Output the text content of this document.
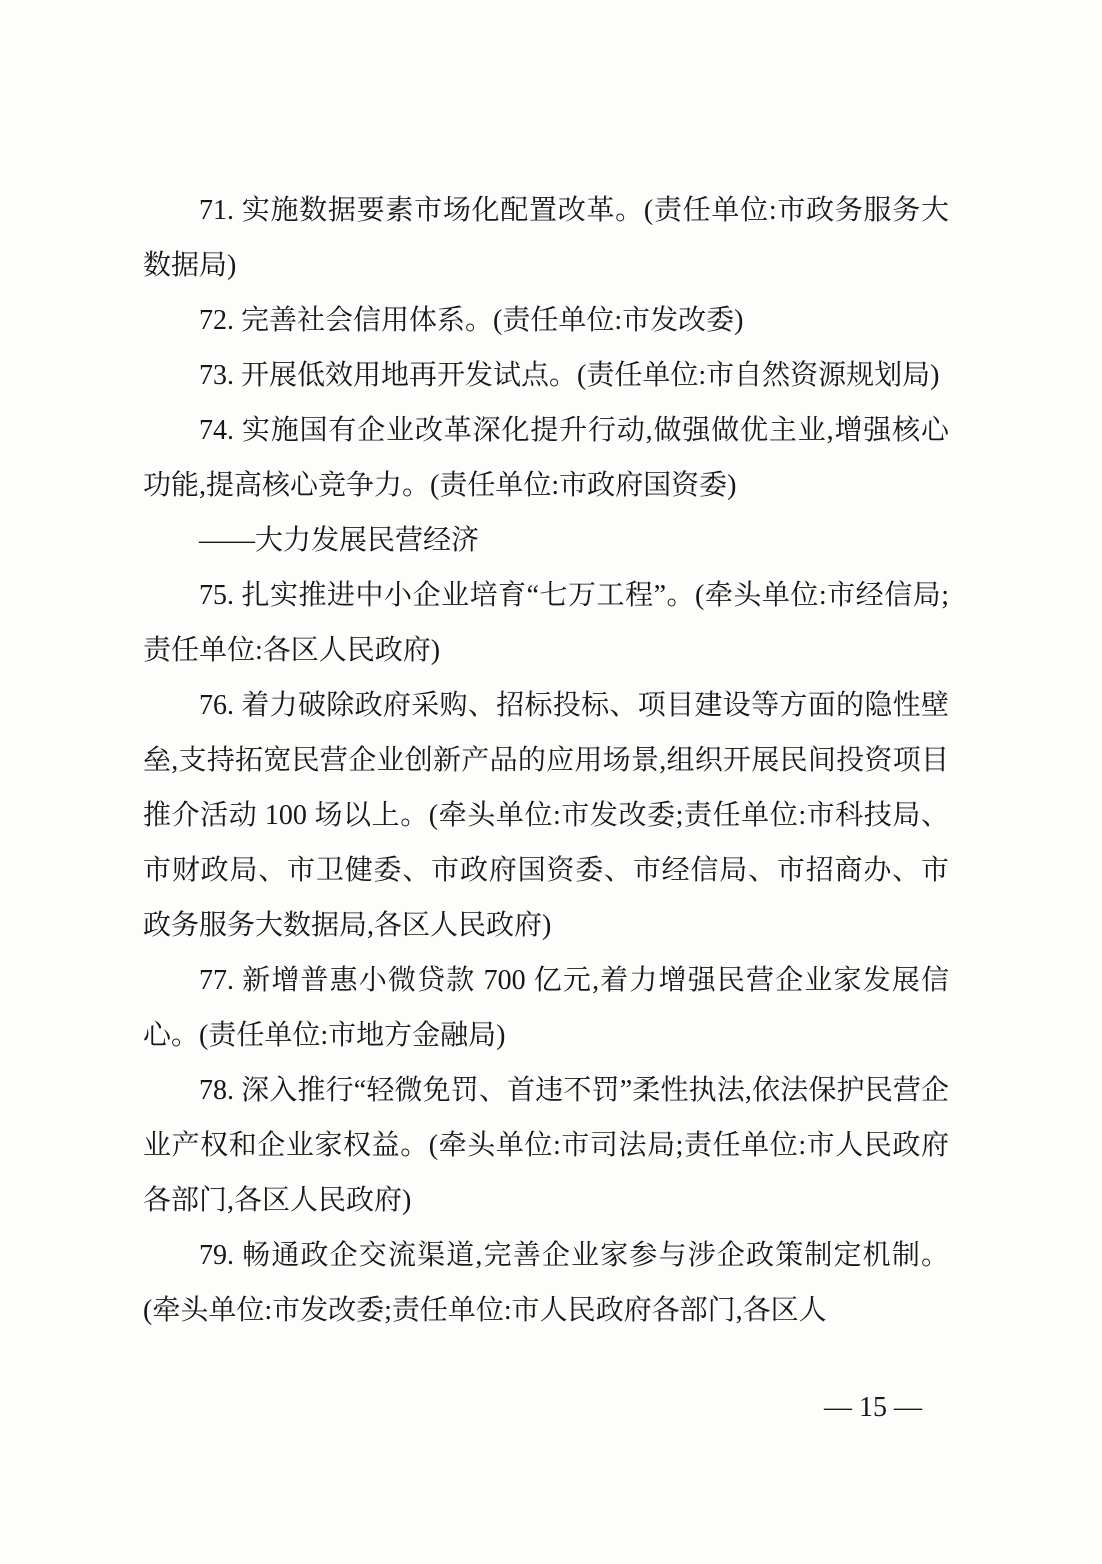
71. 实施数据要素市场化配置改革。(责任单位:市政务服务大数据局)

72. 完善社会信用体系。(责任单位:市发改委)

73. 开展低效用地再开发试点。(责任单位:市自然资源规划局)

74. 实施国有企业改革深化提升行动,做强做优主业,增强核心功能,提高核心竞争力。(责任单位:市政府国资委)

——大力发展民营经济

75. 扎实推进中小企业培育“七万工程”。(牵头单位:市经信局;责任单位:各区人民政府)

76. 着力破除政府采购、招标投标、项目建设等方面的隐性壁垒,支持拓宽民营企业创新产品的应用场景,组织开展民间投资项目推介活动 100 场以上。(牵头单位:市发改委;责任单位:市科技局、市财政局、市卫健委、市政府国资委、市经信局、市招商办、市政务服务大数据局,各区人民政府)

77. 新增普惠小微贷款 700 亿元,着力增强民营企业家发展信心。(责任单位:市地方金融局)

78. 深入推行“轻微免罚、首违不罚”柔性执法,依法保护民营企业产权和企业家权益。(牵头单位:市司法局;责任单位:市人民政府各部门,各区人民政府)

79. 畅通政企交流渠道,完善企业家参与涉企政策制定机制。(牵头单位:市发改委;责任单位:市人民政府各部门,各区人

— 15 —
